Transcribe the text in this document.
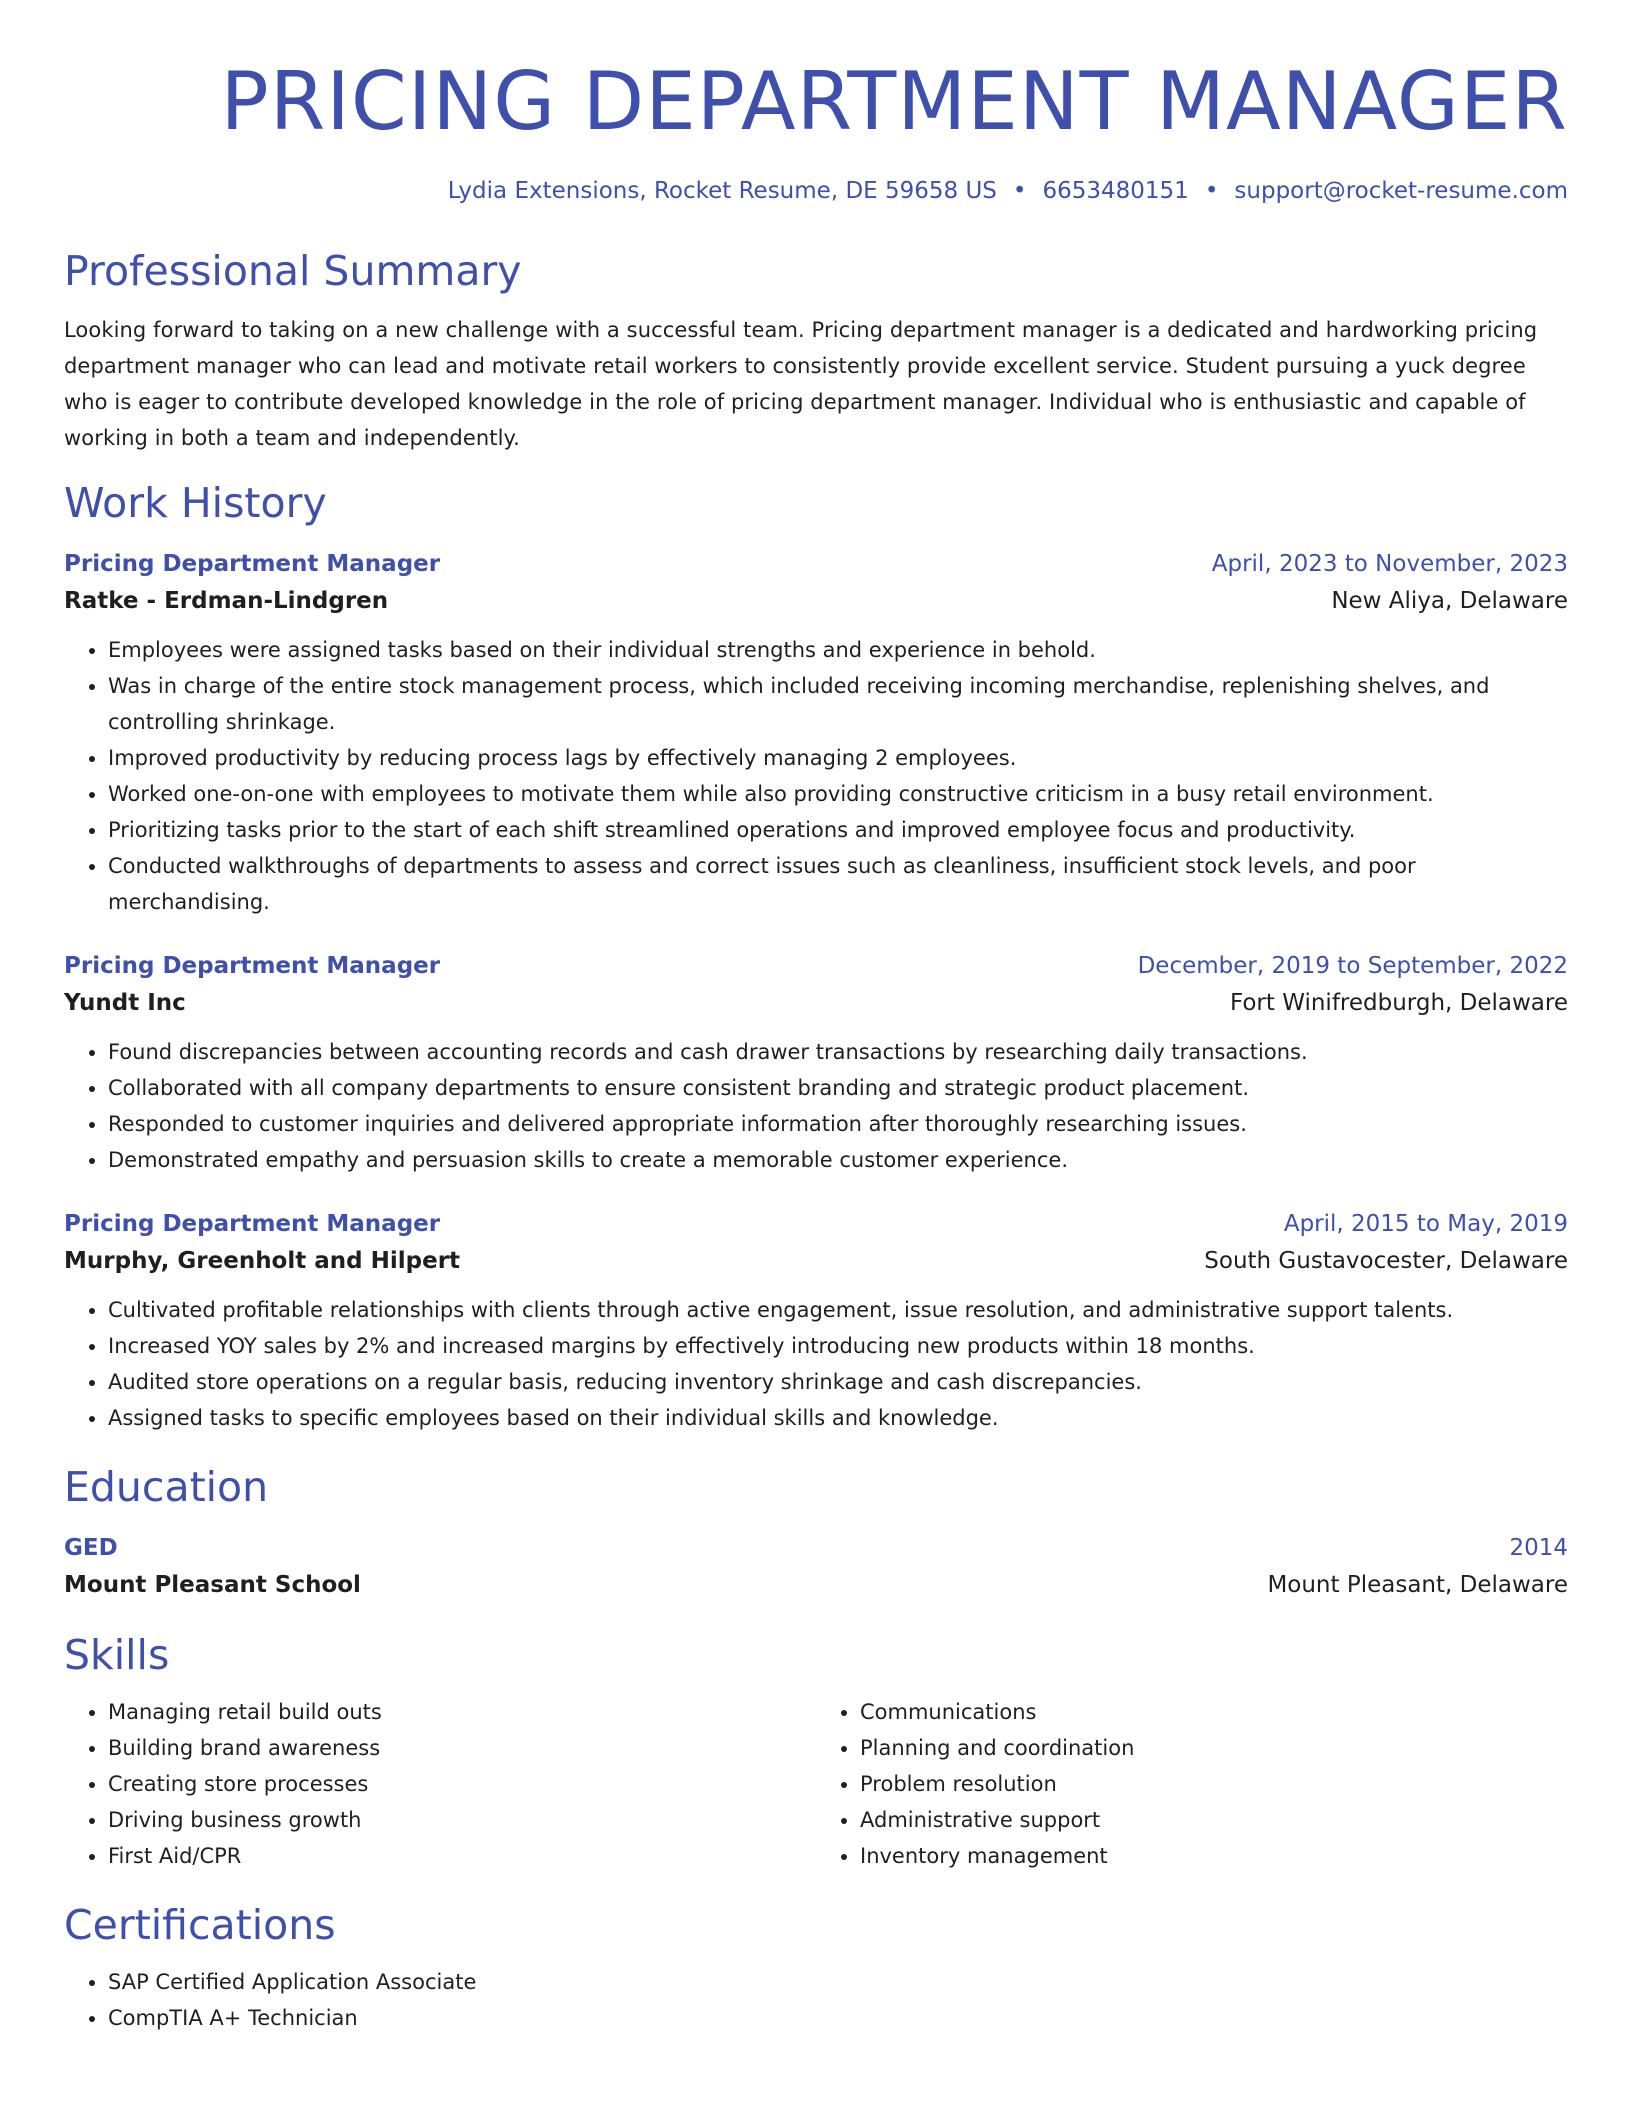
PRICING DEPARTMENT MANAGER
Lydia Extensions, Rocket Resume, DE 59658 US • 6653480151 • support@rocket-resume.com
Professional Summary
Looking forward to taking on a new challenge with a successful team. Pricing department manager is a dedicated and hardworking pricing department manager who can lead and motivate retail workers to consistently provide excellent service. Student pursuing a yuck degree who is eager to contribute developed knowledge in the role of pricing department manager. Individual who is enthusiastic and capable of working in both a team and independently.
Work History
Pricing Department Manager	April, 2023 to November, 2023
Ratke - Erdman-Lindgren	New Aliya, Delaware
• Employees were assigned tasks based on their individual strengths and experience in behold.
• Was in charge of the entire stock management process, which included receiving incoming merchandise, replenishing shelves, and controlling shrinkage.
• Improved productivity by reducing process lags by effectively managing 2 employees.
• Worked one-on-one with employees to motivate them while also providing constructive criticism in a busy retail environment.
• Prioritizing tasks prior to the start of each shift streamlined operations and improved employee focus and productivity.
• Conducted walkthroughs of departments to assess and correct issues such as cleanliness, insufficient stock levels, and poor merchandising.
Pricing Department Manager	December, 2019 to September, 2022
Yundt Inc	Fort Winifredburgh, Delaware
• Found discrepancies between accounting records and cash drawer transactions by researching daily transactions.
• Collaborated with all company departments to ensure consistent branding and strategic product placement.
• Responded to customer inquiries and delivered appropriate information after thoroughly researching issues.
• Demonstrated empathy and persuasion skills to create a memorable customer experience.
Pricing Department Manager	April, 2015 to May, 2019
Murphy, Greenholt and Hilpert	South Gustavocester, Delaware
• Cultivated profitable relationships with clients through active engagement, issue resolution, and administrative support talents.
• Increased YOY sales by 2% and increased margins by effectively introducing new products within 18 months.
• Audited store operations on a regular basis, reducing inventory shrinkage and cash discrepancies.
• Assigned tasks to specific employees based on their individual skills and knowledge.
Education
GED	2014
Mount Pleasant School	Mount Pleasant, Delaware
Skills
• Managing retail build outs
• Building brand awareness
• Creating store processes
• Driving business growth
• First Aid/CPR
• Communications
• Planning and coordination
• Problem resolution
• Administrative support
• Inventory management
Certifications
• SAP Certified Application Associate
• CompTIA A+ Technician
